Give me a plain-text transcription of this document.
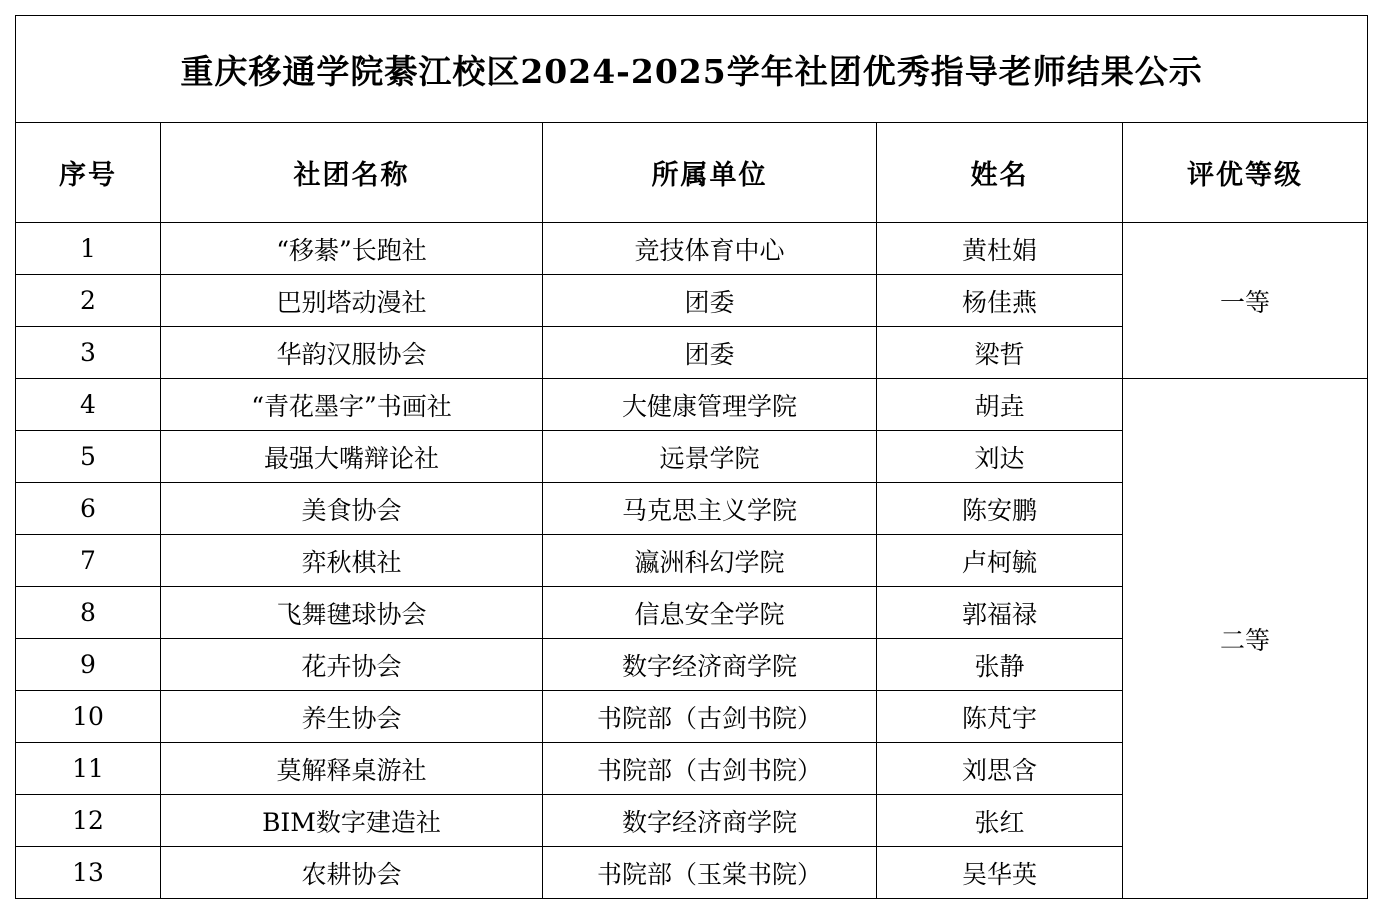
重庆移通学院綦江校区2024-2025学年社团优秀指导老师结果公示				
序号	社团名称	所属单位	姓名	评优等级
1	“移綦”长跑社	竞技体育中心	黄杜娟	一等
2	巴别塔动漫社	团委	杨佳燕	
3	华韵汉服协会	团委	梁哲	
4	“青花墨字”书画社	大健康管理学院	胡垚	二等
5	最强大嘴辩论社	远景学院	刘达	
6	美食协会	马克思主义学院	陈安鹏	
7	弈秋棋社	瀛洲科幻学院	卢柯毓	
8	飞舞毽球协会	信息安全学院	郭福禄	
9	花卉协会	数字经济商学院	张静	
10	养生协会	书院部（古剑书院）	陈芃宇	
11	莫解释桌游社	书院部（古剑书院）	刘思含	
12	BIM数字建造社	数字经济商学院	张红	
13	农耕协会	书院部（玉棠书院）	吴华英	
